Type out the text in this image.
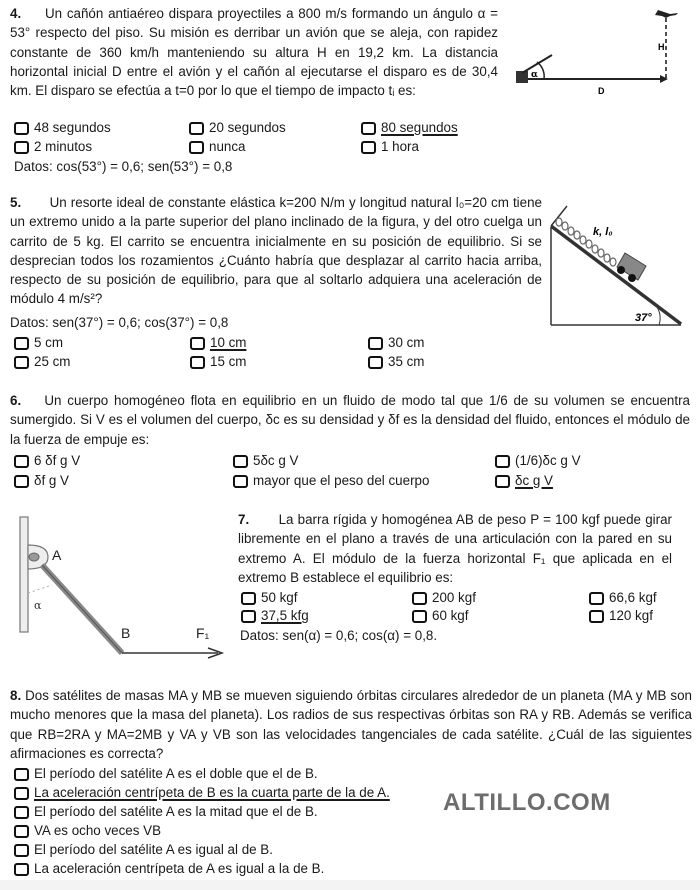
4. Un cañón antiaéreo dispara proyectiles a 800 m/s formando un ángulo α = 53° respecto del piso. Su misión es derribar un avión que se aleja, con rapidez constante de 360 km/h manteniendo su altura H en 19,2 km. La distancia horizontal inicial D entre el avión y el cañón al ejecutarse el disparo es de 30,4 km. El disparo se efectúa a t=0 por lo que el tiempo de impacto tᵢ es:
H
D
α
48 segundos	20 segundos	80 segundos
2 minutos	nunca	1 hora
Datos: cos(53°) = 0,6; sen(53°) = 0,8
5. Un resorte ideal de constante elástica k=200 N/m y longitud natural l₀=20 cm tiene un extremo unido a la parte superior del plano inclinado de la figura, y del otro cuelga un carrito de 5 kg. El carrito se encuentra inicialmente en su posición de equilibrio. Si se desprecian todos los rozamientos ¿Cuánto habría que desplazar al carrito hacia arriba, respecto de su posición de equilibrio, para que al soltarlo adquiera una aceleración de módulo 4 m/s²?
Datos: sen(37°) = 0,6; cos(37°) = 0,8
k, l₀
37°
5 cm	10 cm	30 cm
25 cm	15 cm	35 cm
6. Un cuerpo homogéneo flota en equilibrio en un fluido de modo tal que 1/6 de su volumen se encuentra sumergido. Si V es el volumen del cuerpo, δc es su densidad y δf es la densidad del fluido, entonces el módulo de la fuerza de empuje es:
6 δf g V	5δc g V	(1/6)δc g V
δf g V	mayor que el peso del cuerpo	δc g V
α
A
B	F₁
7. La barra rígida y homogénea AB de peso P = 100 kgf puede girar libremente en el plano a través de una articulación con la pared en su extremo A. El módulo de la fuerza horizontal F₁ que aplicada en el extremo B establece el equilibrio es:
50 kgf	200 kgf	66,6 kgf
37,5 kfg	60 kgf	120 kgf
Datos: sen(α) = 0,6; cos(α) = 0,8.
8. Dos satélites de masas MA y MB se mueven siguiendo órbitas circulares alrededor de un planeta (MA y MB son mucho menores que la masa del planeta). Los radios de sus respectivas órbitas son RA y RB. Además se verifica que RB=2RA y MA=2MB y VA y VB son las velocidades tangenciales de cada satélite. ¿Cuál de las siguientes afirmaciones es correcta?
El período del satélite A es el doble que el de B.
La aceleración centrípeta de B es la cuarta parte de la de A.
El período del satélite A es la mitad que el de B.
VA es ocho veces VB
El período del satélite A es igual al de B.
La aceleración centrípeta de A es igual a la de B.
ALTILLO.COM
